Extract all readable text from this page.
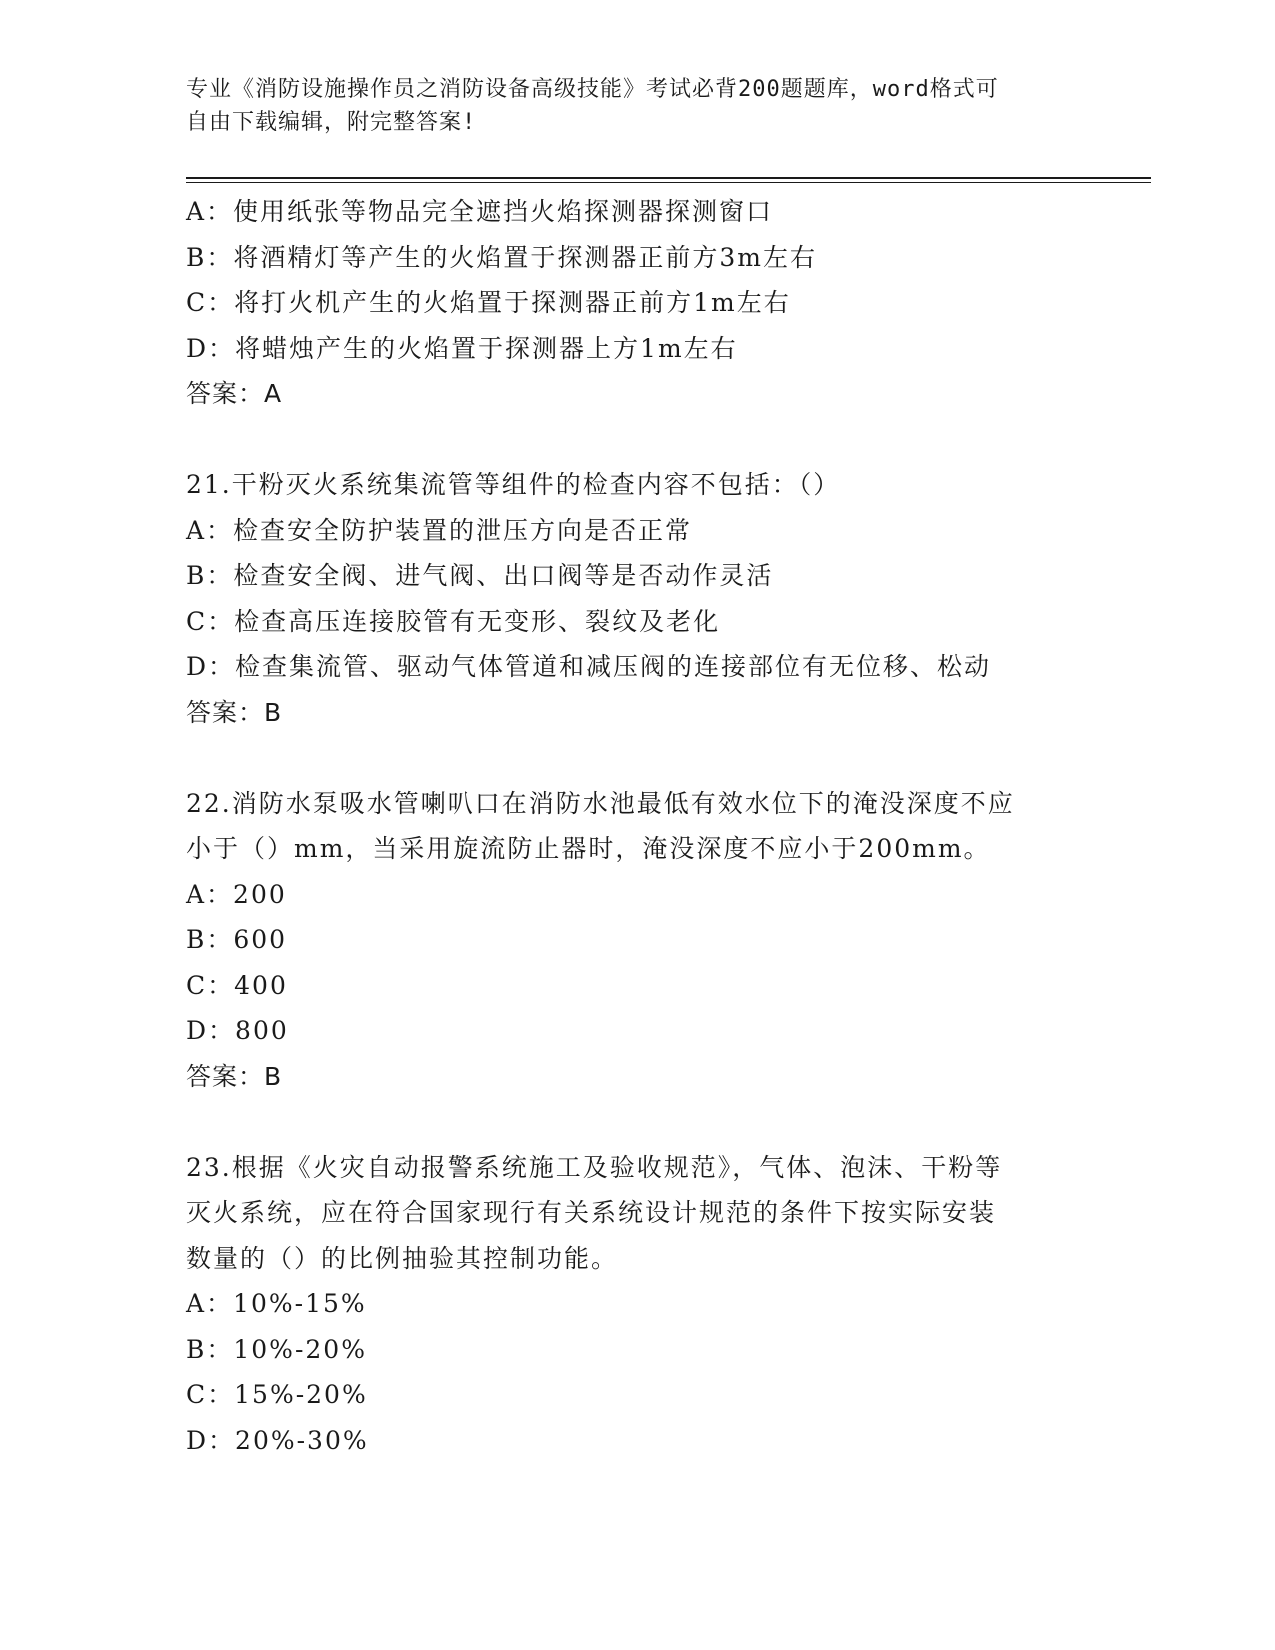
专业《消防设施操作员之消防设备高级技能》考试必背200题题库，word格式可
自由下载编辑，附完整答案!
A：使用纸张等物品完全遮挡火焰探测器探测窗口
B：将酒精灯等产生的火焰置于探测器正前方3m左右
C：将打火机产生的火焰置于探测器正前方1m左右
D：将蜡烛产生的火焰置于探测器上方1m左右
答案：A
21.干粉灭火系统集流管等组件的检查内容不包括：（）
A：检查安全防护装置的泄压方向是否正常
B：检查安全阀、进气阀、出口阀等是否动作灵活
C：检查高压连接胶管有无变形、裂纹及老化
D：检查集流管、驱动气体管道和减压阀的连接部位有无位移、松动
答案：B
22.消防水泵吸水管喇叭口在消防水池最低有效水位下的淹没深度不应
小于（）mm，当采用旋流防止器时，淹没深度不应小于200mm。
A：200
B：600
C：400
D：800
答案：B
23.根据《火灾自动报警系统施工及验收规范》，气体、泡沫、干粉等
灭火系统，应在符合国家现行有关系统设计规范的条件下按实际安装
数量的（）的比例抽验其控制功能。
A：10%-15%
B：10%-20%
C：15%-20%
D：20%-30%
